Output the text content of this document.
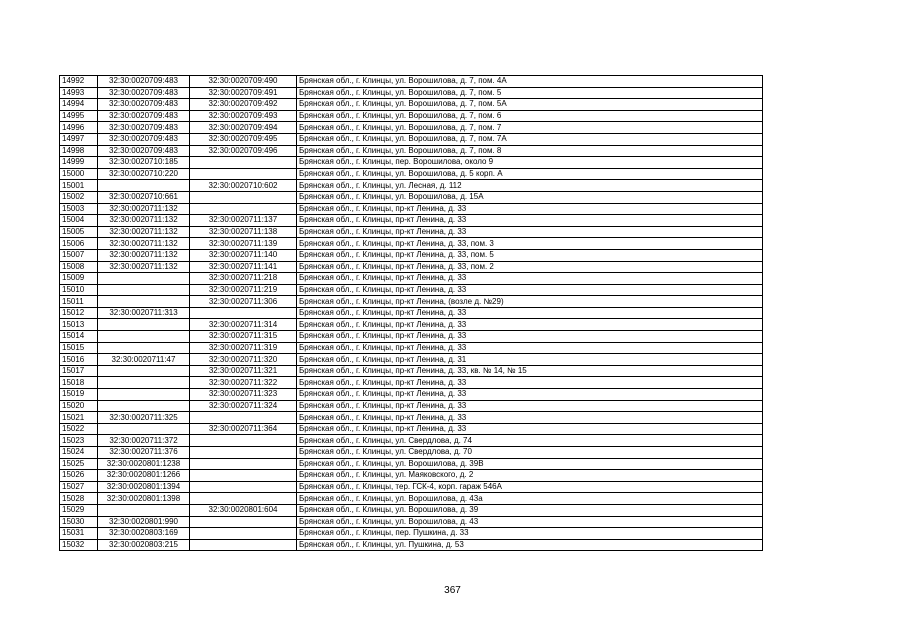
14992	32:30:0020709:483	32:30:0020709:490	Брянская обл., г. Клинцы, ул. Ворошилова, д. 7, пом. 4А
14993	32:30:0020709:483	32:30:0020709:491	Брянская обл., г. Клинцы, ул. Ворошилова, д. 7, пом. 5
14994	32:30:0020709:483	32:30:0020709:492	Брянская обл., г. Клинцы, ул. Ворошилова, д. 7, пом. 5А
14995	32:30:0020709:483	32:30:0020709:493	Брянская обл., г. Клинцы, ул. Ворошилова, д. 7, пом. 6
14996	32:30:0020709:483	32:30:0020709:494	Брянская обл., г. Клинцы, ул. Ворошилова, д. 7, пом. 7
14997	32:30:0020709:483	32:30:0020709:495	Брянская обл., г. Клинцы, ул. Ворошилова, д. 7, пом. 7А
14998	32:30:0020709:483	32:30:0020709:496	Брянская обл., г. Клинцы, ул. Ворошилова, д. 7, пом. 8
14999	32:30:0020710:185		Брянская обл., г. Клинцы, пер. Ворошилова, около 9
15000	32:30:0020710:220		Брянская обл., г. Клинцы, ул. Ворошилова, д. 5 корп. А
15001		32:30:0020710:602	Брянская обл., г. Клинцы, ул. Лесная, д. 112
15002	32:30:0020710:661		Брянская обл., г. Клинцы, ул. Ворошилова, д. 15А
15003	32:30:0020711:132		Брянская обл., г. Клинцы, пр-кт Ленина, д. 33
15004	32:30:0020711:132	32:30:0020711:137	Брянская обл., г. Клинцы, пр-кт Ленина, д. 33
15005	32:30:0020711:132	32:30:0020711:138	Брянская обл., г. Клинцы, пр-кт Ленина, д. 33
15006	32:30:0020711:132	32:30:0020711:139	Брянская обл., г. Клинцы, пр-кт Ленина, д. 33, пом. 3
15007	32:30:0020711:132	32:30:0020711:140	Брянская обл., г. Клинцы, пр-кт Ленина, д. 33, пом. 5
15008	32:30:0020711:132	32:30:0020711:141	Брянская обл., г. Клинцы, пр-кт Ленина, д. 33, пом. 2
15009		32:30:0020711:218	Брянская обл., г. Клинцы, пр-кт Ленина, д. 33
15010		32:30:0020711:219	Брянская обл., г. Клинцы, пр-кт Ленина, д. 33
15011		32:30:0020711:306	Брянская обл., г. Клинцы, пр-кт Ленина, (возле д. №29)
15012	32:30:0020711:313		Брянская обл., г. Клинцы, пр-кт Ленина, д. 33
15013		32:30:0020711:314	Брянская обл., г. Клинцы, пр-кт Ленина, д. 33
15014		32:30:0020711:315	Брянская обл., г. Клинцы, пр-кт Ленина, д. 33
15015		32:30:0020711:319	Брянская обл., г. Клинцы, пр-кт Ленина, д. 33
15016	32:30:0020711:47	32:30:0020711:320	Брянская обл., г. Клинцы, пр-кт Ленина, д. 31
15017		32:30:0020711:321	Брянская обл., г. Клинцы, пр-кт Ленина, д. 33, кв. № 14, № 15
15018		32:30:0020711:322	Брянская обл., г. Клинцы, пр-кт Ленина, д. 33
15019		32:30:0020711:323	Брянская обл., г. Клинцы, пр-кт Ленина, д. 33
15020		32:30:0020711:324	Брянская обл., г. Клинцы, пр-кт Ленина, д. 33
15021	32:30:0020711:325		Брянская обл., г. Клинцы, пр-кт Ленина, д. 33
15022		32:30:0020711:364	Брянская обл., г. Клинцы, пр-кт Ленина, д. 33
15023	32:30:0020711:372		Брянская обл., г. Клинцы, ул. Свердлова, д. 74
15024	32:30:0020711:376		Брянская обл., г. Клинцы, ул. Свердлова, д. 70
15025	32:30:0020801:1238		Брянская обл., г. Клинцы, ул. Ворошилова, д. 39В
15026	32:30:0020801:1266		Брянская обл., г. Клинцы, ул. Маяковского, д. 2
15027	32:30:0020801:1394		Брянская обл., г. Клинцы, тер. ГСК-4, корп. гараж 546А
15028	32:30:0020801:1398		Брянская обл., г. Клинцы, ул. Ворошилова, д. 43а
15029		32:30:0020801:604	Брянская обл., г. Клинцы, ул. Ворошилова, д. 39
15030	32:30:0020801:990		Брянская обл., г. Клинцы, ул. Ворошилова, д. 43
15031	32:30:0020803:169		Брянская обл., г. Клинцы, пер. Пушкина, д. 33
15032	32:30:0020803:215		Брянская обл., г. Клинцы, ул. Пушкина, д. 53
367
